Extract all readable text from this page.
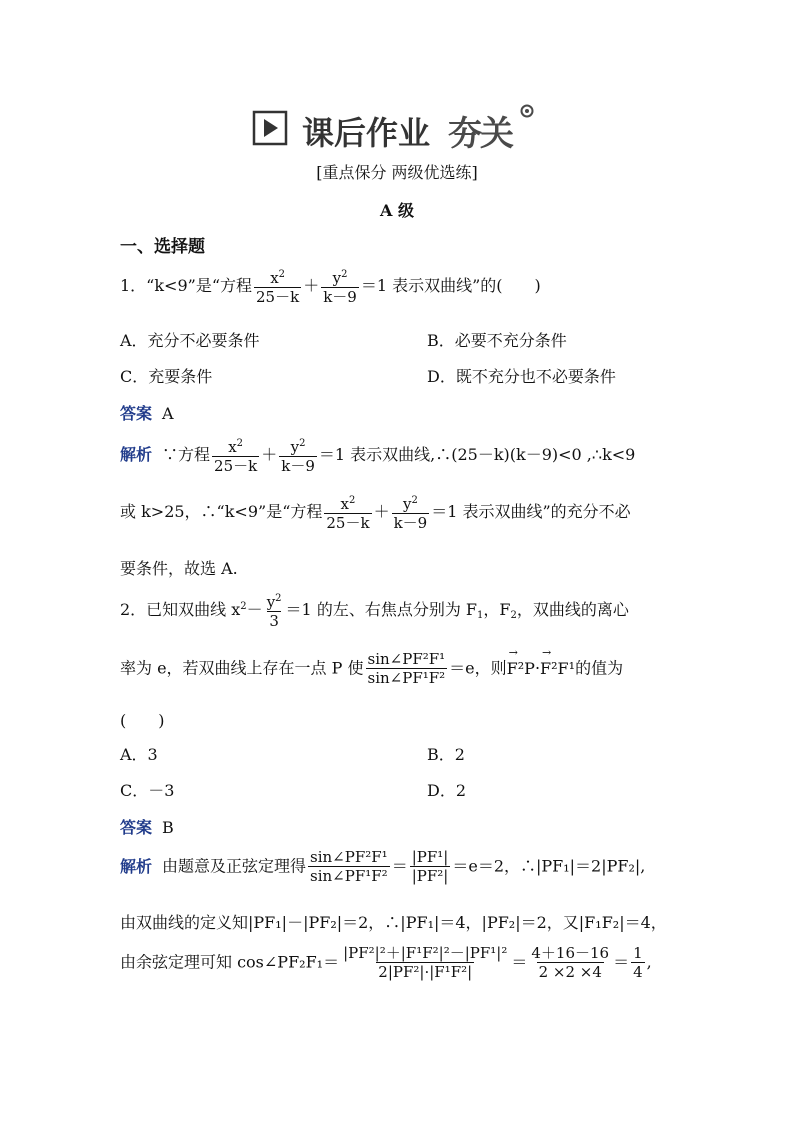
课后作业 夯关
[重点保分 两级优选练]
A 级
一、选择题
1．“k<9”是“方程 $\frac{x^2}{25-k} + \frac{y^2}{k-9} =1$ 表示双曲线”的(　　)
A．充分不必要条件	B．必要不充分条件
C．充要条件	D．既不充分也不必要条件
答案 A
解析 ∵方程 $\frac{x^2}{25-k} + \frac{y^2}{k-9} =1$ 表示双曲线,∴(25－k)(k－9)<0 ,∴k<9
或 k>25，∴“k<9”是“方程 $\frac{x^2}{25-k} + \frac{y^2}{k-9} =1$ 表示双曲线”的充分不必
要条件，故选 A.
2．已知双曲线 $x^2- \frac{y^2}{3} =1$ 的左、右焦点分别为 $F_1$，$F_2$，双曲线的离心
率为 e，若双曲线上存在一点 P 使 $\frac{\text{sin∠PF²F¹}}{\text{sin∠PF¹F²}} =e$，则F²P →·F²F¹ →的值为
(　　)
A．3	B．2
C．－3	D．2
答案 B
解析 由题意及正弦定理得 $\frac{\text{sin∠PF²F¹}}{\text{sin∠PF¹F²}} = \frac{\text{|PF¹|}}{\text{|PF²|}} =e=2$，∴|PF₁|＝2|PF₂|,
由双曲线的定义知|PF₁|－|PF₂|＝2，∴|PF₁|＝4，|PF₂|＝2，又|F₁F₂|＝4，
由余弦定理可知 cos∠PF₂F₁＝ $\frac{\text{|PF²|²＋|F¹F²|²－|PF¹|²}}{\text{2|PF²|·|F¹F²|}} = \frac{4+16-16}{2 \times 2 \times 4} = \frac{1}{4}$ ,
